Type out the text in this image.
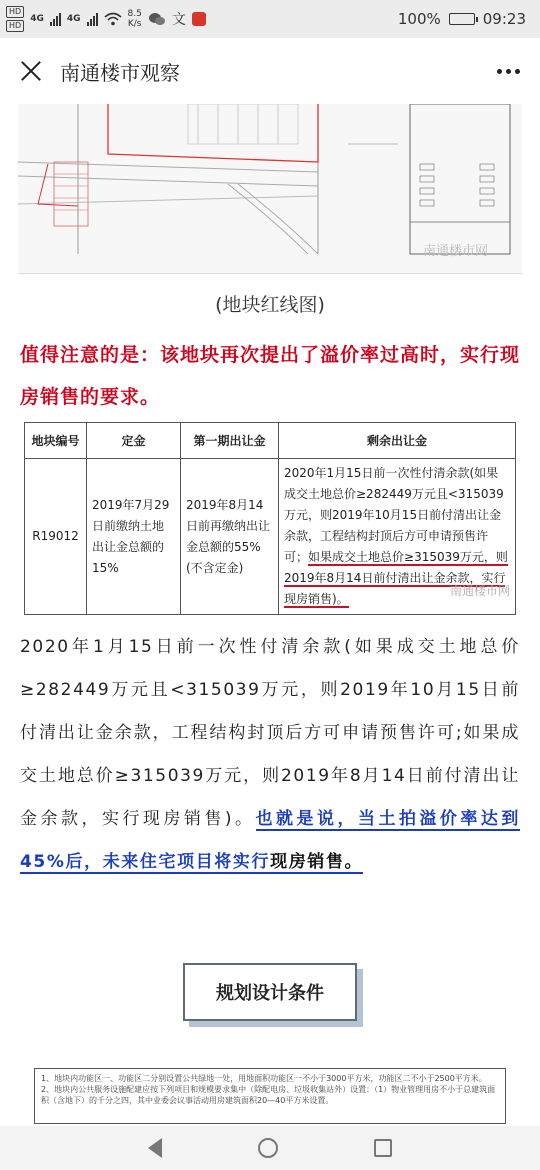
HD
HD
4G	4G	8.5
K/s 文	100%	09:23
南通楼市观察
南通楼市网
(地块红线图)
值得注意的是：该地块再次提出了溢价率过高时，实行现房销售的要求。
地块编号	定金	第一期出让金	剩余出让金
R19012	2019年7月29日前缴纳土地出让金总额的15%	2019年8月14日前再缴纳出让金总额的55%(不含定金)	2020年1月15日前一次性付清余款(如果成交土地总价≥282449万元且<315039万元，则2019年10月15日前付清出让金余款，工程结构封顶后方可申请预售许可；如果成交土地总价≥315039万元，则2019年8月14日前付清出让金余款，实行现房销售)。
南通楼市网
2020年1月15日前一次性付清余款(如果成交土地总价≥282449万元且<315039万元，则2019年10月15日前付清出让金余款，工程结构封顶后方可申请预售许可;如果成交土地总价≥315039万元，则2019年8月14日前付清出让金余款，实行现房销售)。也就是说，当土拍溢价率达到45%后，未来住宅项目将实行现房销售。
规划设计条件
1、地块内功能区一、功能区二分别设置公共绿地一处，用地面积功能区一不小于3000平方米，功能区二不小于2500平方米。
2、地块内公共服务设施配建应按下列项目和规模要求集中（除配电房、垃圾收集站外）设置：（1）物业管理用房不小于总建筑面积（含地下）的千分之四，其中业委会议事活动用房建筑面积20—40平方米设置。
